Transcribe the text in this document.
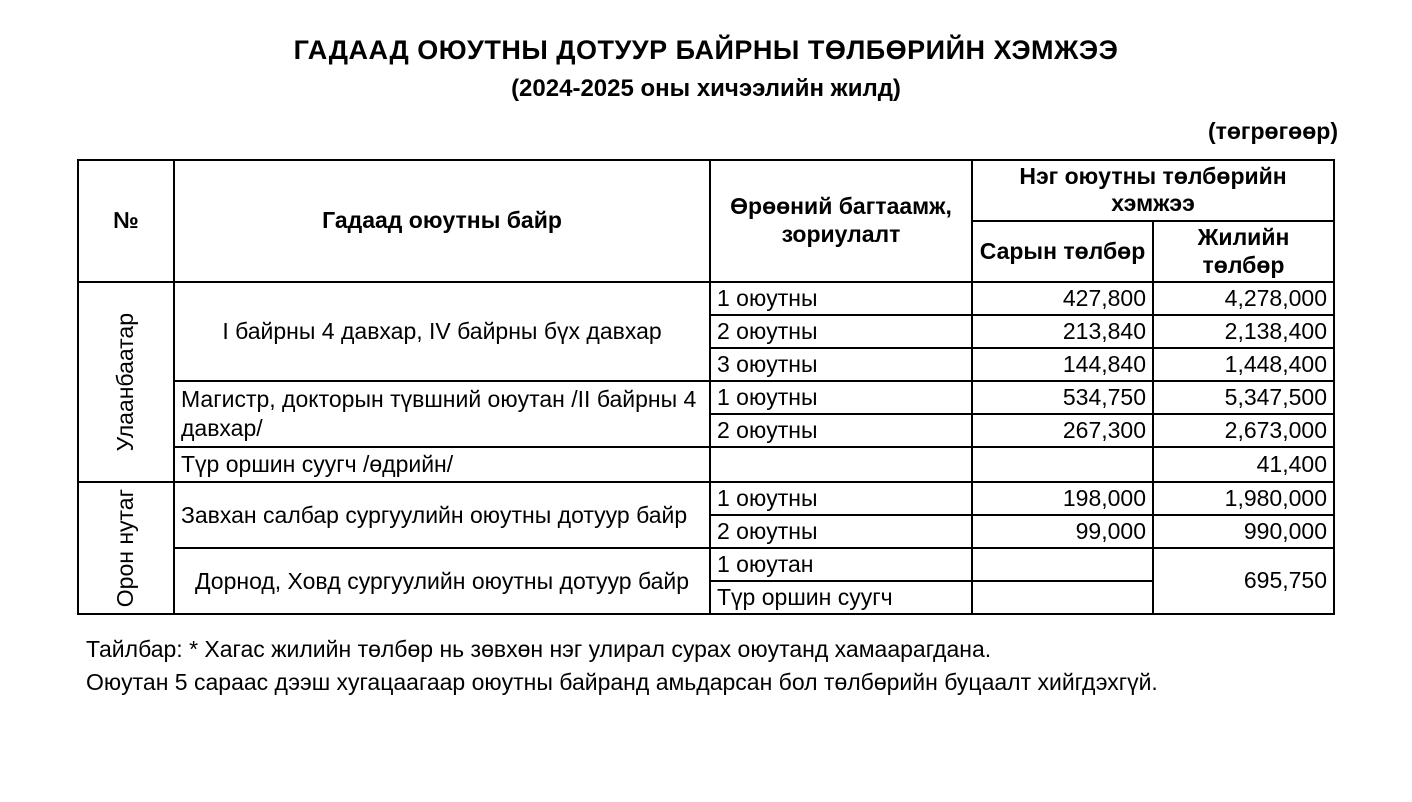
ГАДААД ОЮУТНЫ ДОТУУР БАЙРНЫ ТӨЛБӨРИЙН ХЭМЖЭЭ
(2024-2025 оны хичээлийн жилд)
(төгрөгөөр)
№	Гадаад оюутны байр	Өрөөний багтаамж, зориулалт	Нэг оюутны төлбөрийн хэмжээ	
			Сарын төлбөр	Жилийн төлбөр

Улаанбаатар	I байрны 4 давхар, IV байрны бүх давхар	1 оюутны	427,800	4,278,000
		2 оюутны	213,840	2,138,400
		3 оюутны	144,840	1,448,400
	Магистр, докторын түвшний оюутан /II байрны 4 давхар/	1 оюутны	534,750	5,347,500
		2 оюутны	267,300	2,673,000
	Түр оршин суугч /өдрийн/			41,400

Орон нутаг	Завхан салбар сургуулийн оюутны дотуур байр	1 оюутны	198,000	1,980,000
		2 оюутны	99,000	990,000
	Дорнод, Ховд сургуулийн оюутны дотуур байр	1 оюутан		695,750
		Түр оршин суугч		
Тайлбар: * Хагас жилийн төлбөр нь зөвхөн нэг улирал сурах оюутанд хамаарагдана.
Оюутан 5 сараас дээш хугацаагаар оюутны байранд амьдарсан бол төлбөрийн буцаалт хийгдэхгүй.
